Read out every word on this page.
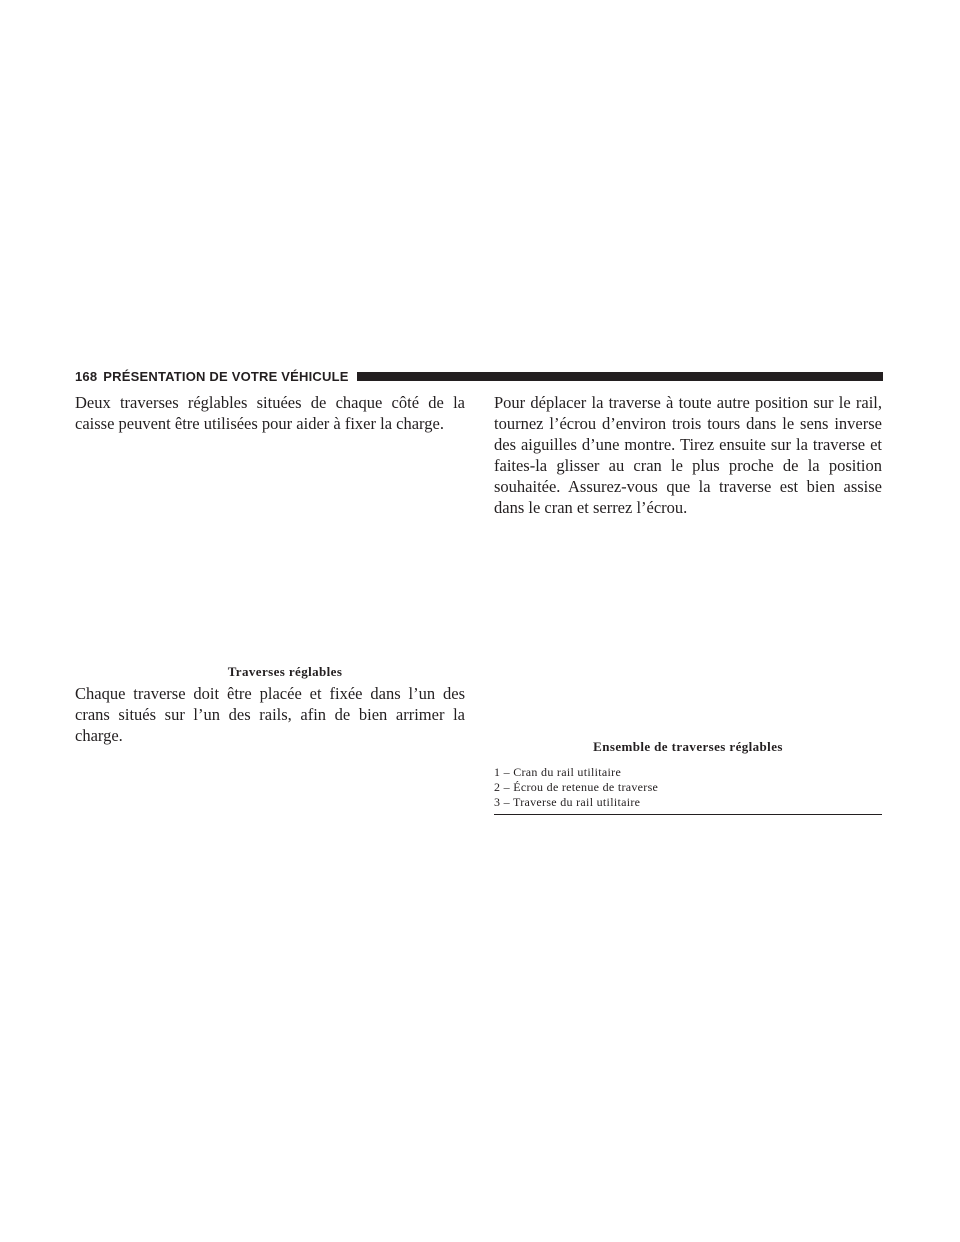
168 PRÉSENTATION DE VOTRE VÉHICULE

Deux traverses réglables situées de chaque côté de la caisse peuvent être utilisées pour aider à fixer la charge.

Traverses réglables

Chaque traverse doit être placée et fixée dans l’un des crans situés sur l’un des rails, afin de bien arrimer la charge.

Pour déplacer la traverse à toute autre position sur le rail, tournez l’écrou d’environ trois tours dans le sens inverse des aiguilles d’une montre. Tirez ensuite sur la traverse et faites-la glisser au cran le plus proche de la position souhaitée. Assurez-vous que la traverse est bien assise dans le cran et serrez l’écrou.

Ensemble de traverses réglables
1 – Cran du rail utilitaire
2 – Écrou de retenue de traverse
3 – Traverse du rail utilitaire
